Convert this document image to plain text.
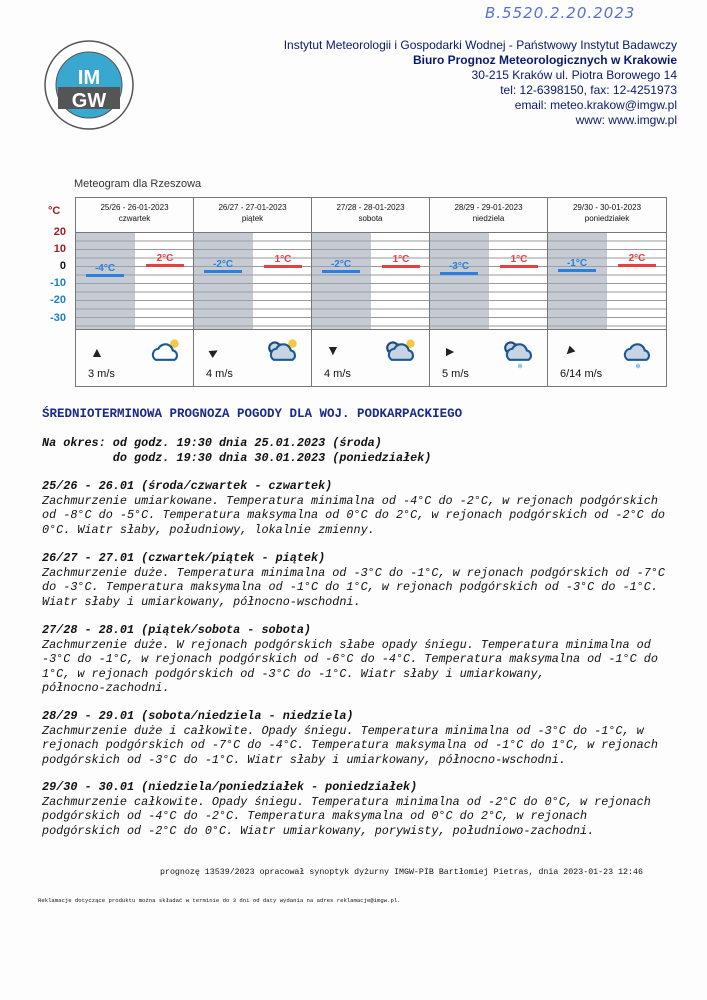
B.5520.2.20.2023
IM
GW
Instytut Meteorologii i Gospodarki Wodnej - Państwowy Instytut Badawczy
Biuro Prognoz Meteorologicznych w Krakowie
30-215 Kraków ul. Piotra Borowego 14
tel: 12-6398150, fax: 12-4251973
email: meteo.krakow@imgw.pl
www: www.imgw.pl
Meteogram dla Rzeszowa
°C
20
10
0
-10
-20
-30
25/26 - 26-01-2023
czwartek
-4°C
2°C
▲
3 m/s
26/27 - 27-01-2023
piątek
-2°C	1°C
▲
4 m/s
27/28 - 28-01-2023
sobota
-2°C	1°C
▲
4 m/s
28/29 - 29-01-2023
niedziela
-3°C
1°C
▲
5 m/s
❄
29/30 - 30-01-2023
poniedziałek
-1°C	2°C
▲
6/14 m/s
❄
ŚREDNIOTERMINOWA PROGNOZA POGODY DLA WOJ. PODKARPACKIEGO
Na okres: od godz. 19:30 dnia 25.01.2023 (środa)
do godz. 19:30 dnia 30.01.2023 (poniedziałek)
25/26 - 26.01 (środa/czwartek - czwartek)
Zachmurzenie umiarkowane. Temperatura minimalna od -4°C do -2°C, w rejonach podgórskich
od -8°C do -5°C. Temperatura maksymalna od 0°C do 2°C, w rejonach podgórskich od -2°C do
0°C. Wiatr słaby, południowy, lokalnie zmienny.
26/27 - 27.01 (czwartek/piątek - piątek)
Zachmurzenie duże. Temperatura minimalna od -3°C do -1°C, w rejonach podgórskich od -7°C
do -3°C. Temperatura maksymalna od -1°C do 1°C, w rejonach podgórskich od -3°C do -1°C.
Wiatr słaby i umiarkowany, północno-wschodni.
27/28 - 28.01 (piątek/sobota - sobota)
Zachmurzenie duże. W rejonach podgórskich słabe opady śniegu. Temperatura minimalna od
-3°C do -1°C, w rejonach podgórskich od -6°C do -4°C. Temperatura maksymalna od -1°C do
1°C, w rejonach podgórskich od -3°C do -1°C. Wiatr słaby i umiarkowany,
północno-zachodni.
28/29 - 29.01 (sobota/niedziela - niedziela)
Zachmurzenie duże i całkowite. Opady śniegu. Temperatura minimalna od -3°C do -1°C, w
rejonach podgórskich od -7°C do -4°C. Temperatura maksymalna od -1°C do 1°C, w rejonach
podgórskich od -3°C do -1°C. Wiatr słaby i umiarkowany, północno-wschodni.
29/30 - 30.01 (niedziela/poniedziałek - poniedziałek)
Zachmurzenie całkowite. Opady śniegu. Temperatura minimalna od -2°C do 0°C, w rejonach
podgórskich od -4°C do -2°C. Temperatura maksymalna od 0°C do 2°C, w rejonach
podgórskich od -2°C do 0°C. Wiatr umiarkowany, porywisty, południowo-zachodni.
prognozę 13539/2023 opracował synoptyk dyżurny IMGW-PIB Bartłomiej Pietras, dnia 2023-01-23 12:46
Reklamacje dotyczące produktu można składać w terminie do 3 dni od daty wydania na adres reklamacje@imgw.pl.
